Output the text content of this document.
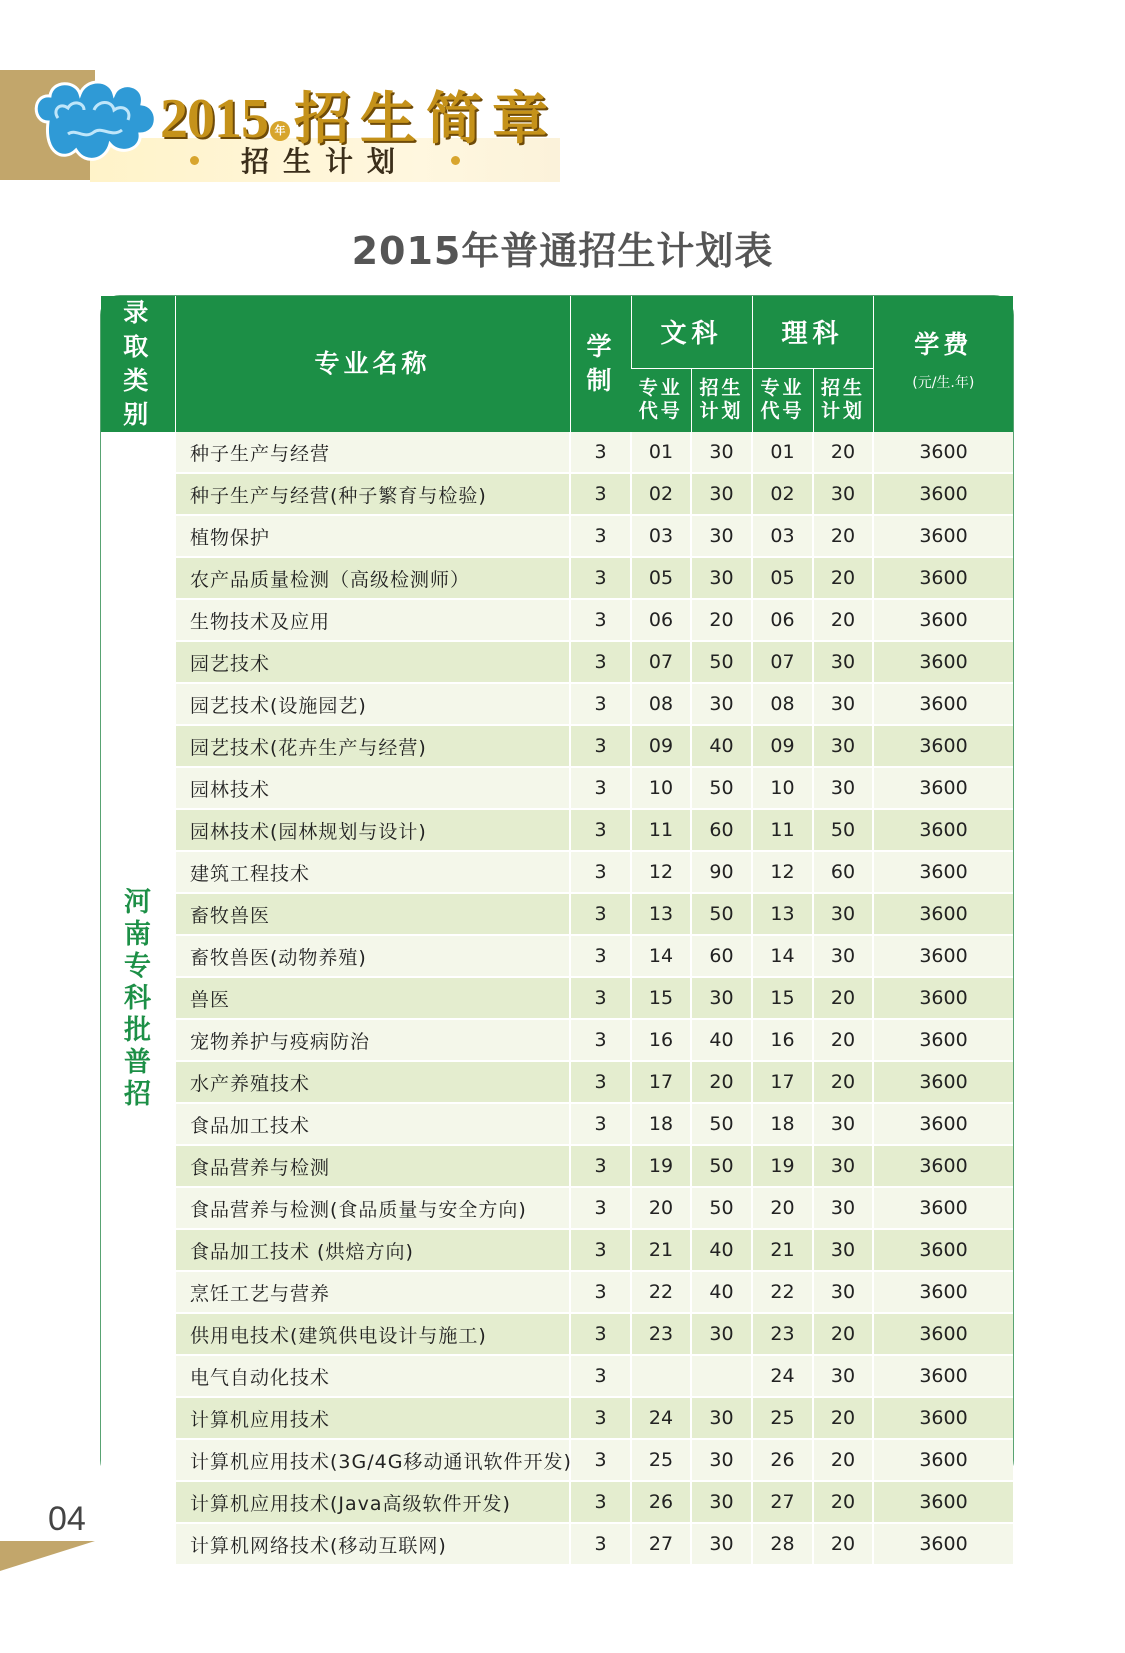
2015 年 招生简章
招生计划
2015年普通招生计划表
录取类别	专业名称	学制	文科		理科		学费
(元/生.年)

			专业代号	招生计划	专业代号	招生计划	

河南专科批普招	种子生产与经营	3	01	30	01	20	3600
	种子生产与经营(种子繁育与检验)	3	02	30	02	30	3600
	植物保护	3	03	30	03	20	3600
	农产品质量检测（高级检测师）	3	05	30	05	20	3600
	生物技术及应用	3	06	20	06	20	3600
	园艺技术	3	07	50	07	30	3600
	园艺技术(设施园艺)	3	08	30	08	30	3600
	园艺技术(花卉生产与经营)	3	09	40	09	30	3600
	园林技术	3	10	50	10	30	3600
	园林技术(园林规划与设计)	3	11	60	11	50	3600
	建筑工程技术	3	12	90	12	60	3600
	畜牧兽医	3	13	50	13	30	3600
	畜牧兽医(动物养殖)	3	14	60	14	30	3600
	兽医	3	15	30	15	20	3600
	宠物养护与疫病防治	3	16	40	16	20	3600
	水产养殖技术	3	17	20	17	20	3600
	食品加工技术	3	18	50	18	30	3600
	食品营养与检测	3	19	50	19	30	3600
	食品营养与检测(食品质量与安全方向)	3	20	50	20	30	3600
	食品加工技术 (烘焙方向)	3	21	40	21	30	3600
	烹饪工艺与营养	3	22	40	22	30	3600
	供用电技术(建筑供电设计与施工)	3	23	30	23	20	3600
	电气自动化技术	3			24	30	3600
	计算机应用技术	3	24	30	25	20	3600
	计算机应用技术(3G/4G移动通讯软件开发)	3	25	30	26	20	3600
	计算机应用技术(Java高级软件开发)	3	26	30	27	20	3600
	计算机网络技术(移动互联网)	3	27	30	28	20	3600
04
